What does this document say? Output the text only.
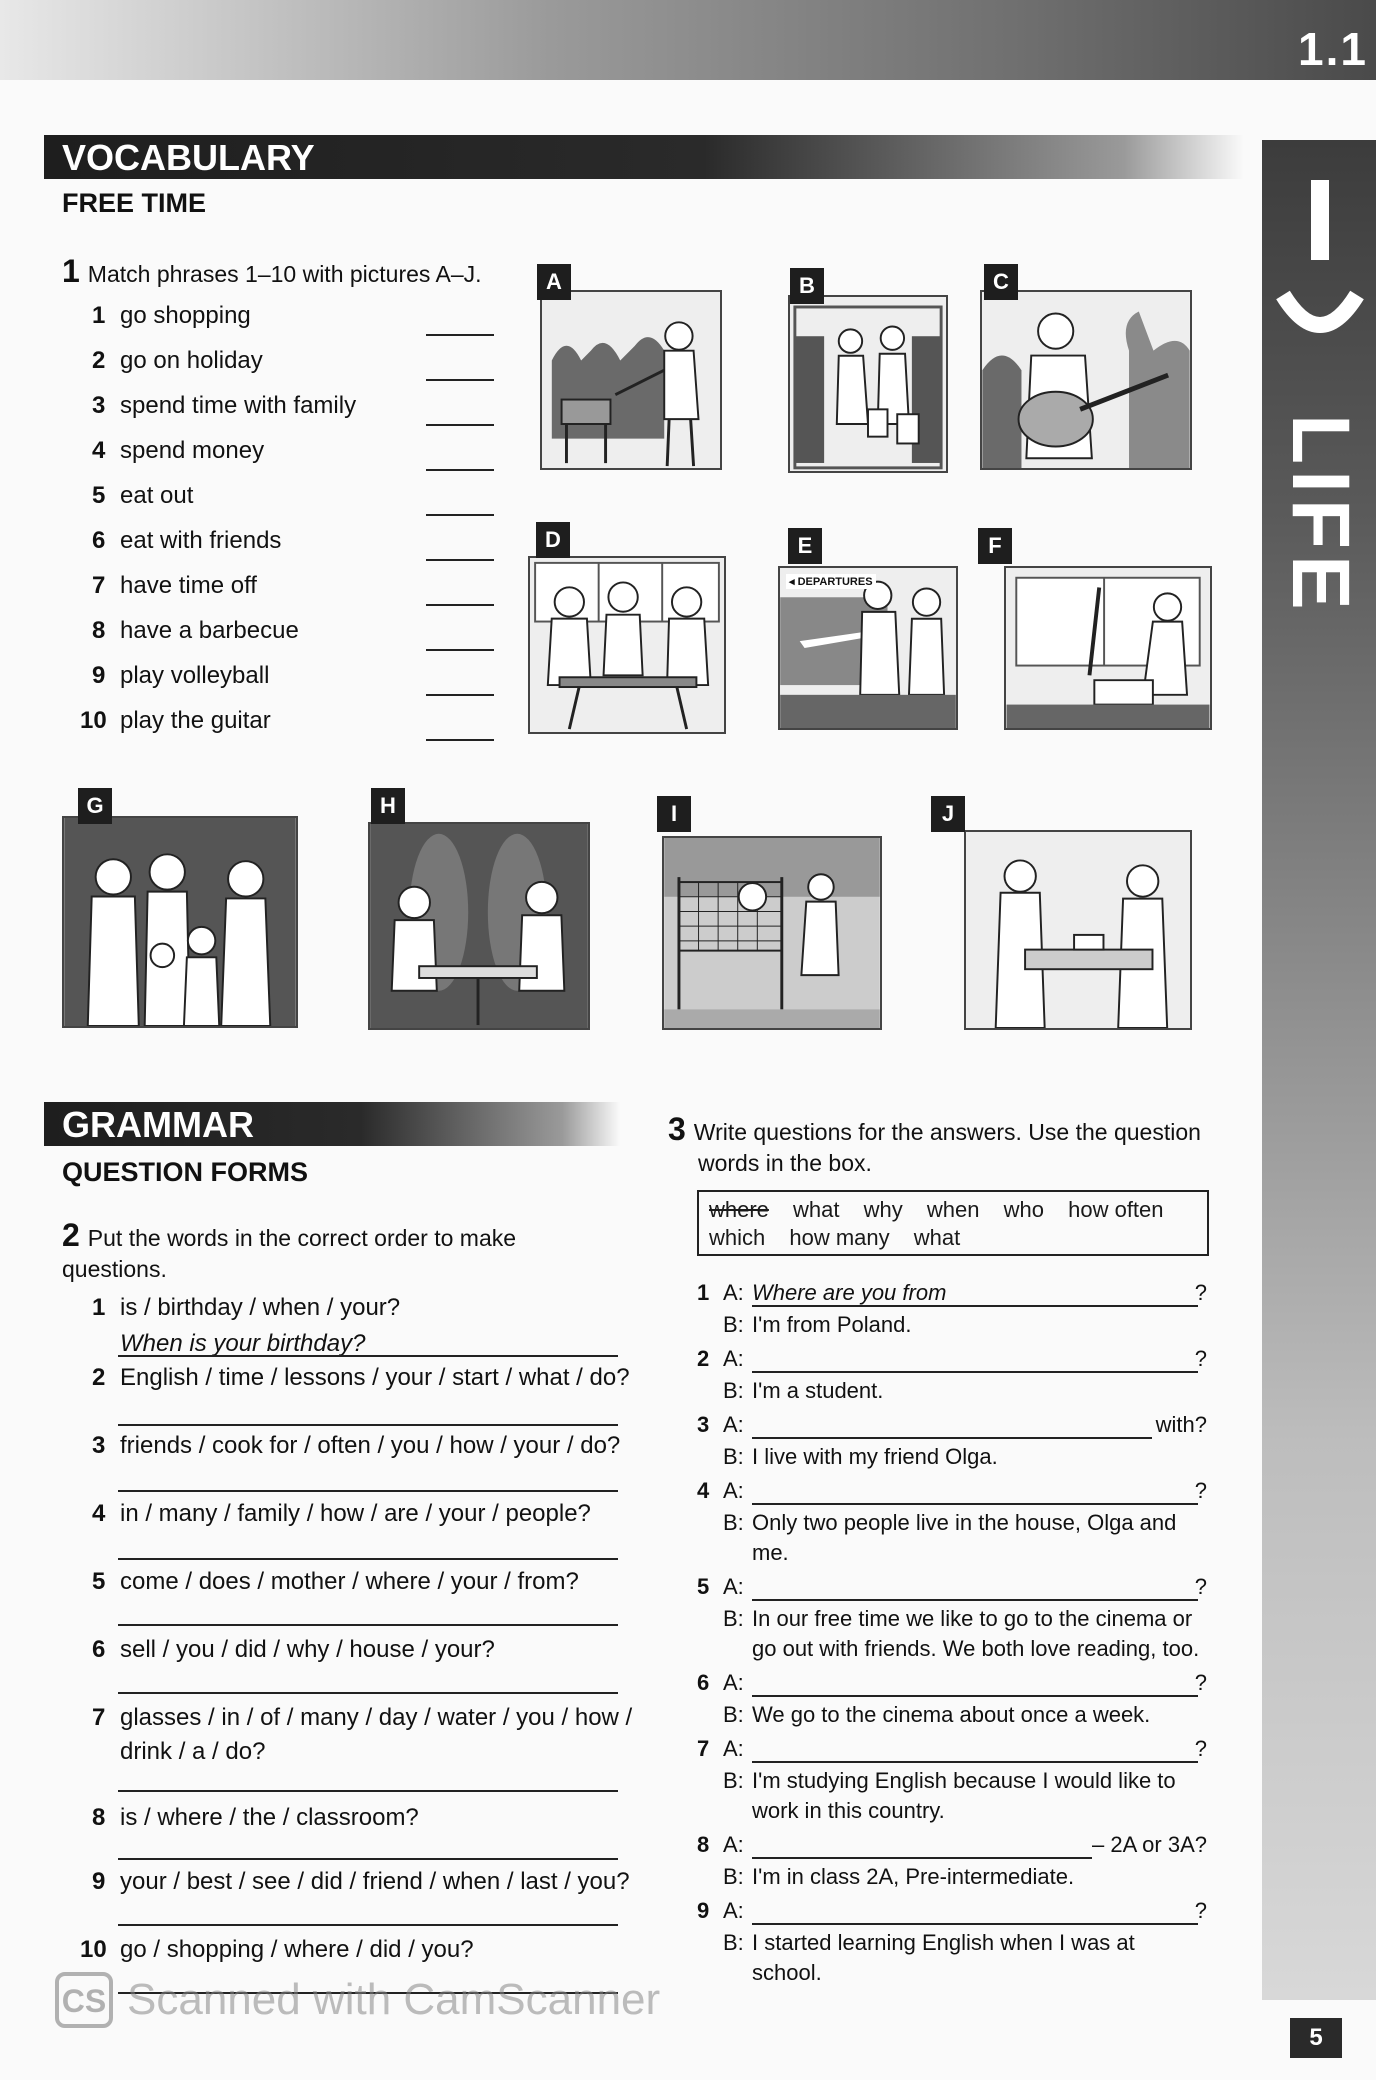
1.1
LIFE
VOCABULARY
FREE TIME
1 Match phrases 1–10 with pictures A–J.
1 go shopping
2 go on holiday
3 spend time with family
4 spend money
5 eat out
6 eat with friends
7 have time off
8 have a barbecue
9 play volleyball
10 play the guitar
A	B	C
D
◂ DEPARTURES
E	F
G	H	I	J
GRAMMAR
QUESTION FORMS
2 Put the words in the correct order to make questions.
1 is / birthday / when / your?
When is your birthday?
2 English / time / lessons / your / start / what / do?
3 friends / cook for / often / you / how / your / do?
4 in / many / family / how / are / your / people?
5 come / does / mother / where / your / from?
6 sell / you / did / why / house / your?
7 glasses / in / of / many / day / water / you / how /
drink / a / do?
8 is / where / the / classroom?
9 your / best / see / did / friend / when / last / you?
10 go / shopping / where / did / you?
3 Write questions for the answers. Use the question
words in the box.
where what why when who how often
which how many what
1 A: Where are you from	?
B: I'm from Poland.
2 A:	?
B: I'm a student.
3 A:	with?
B: I live with my friend Olga.
4 A:	?
B: Only two people live in the house, Olga and
me.
5 A:	?
B: In our free time we like to go to the cinema or
go out with friends. We both love reading, too.
6 A:	?
B: We go to the cinema about once a week.
7 A:	?
B: I'm studying English because I would like to
work in this country.
8 A:	– 2A or 3A?
B: I'm in class 2A, Pre-intermediate.
9 A:	?
B: I started learning English when I was at
school.
CS Scanned with CamScanner
5
